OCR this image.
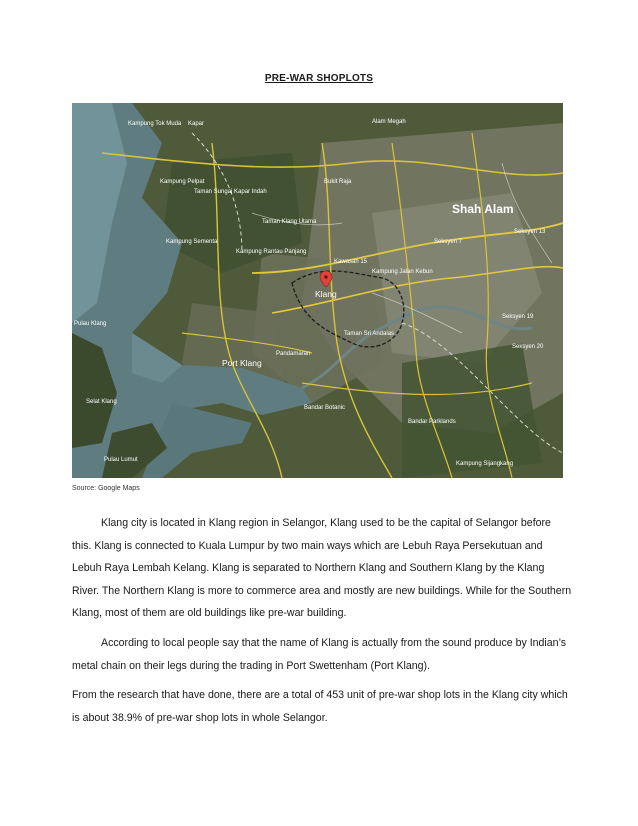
PRE-WAR SHOPLOTS
Shah Alam
Klang
Port Klang
Pulau Klang
Kapar
Kampung Tok Muda
Kampung Pelpat
Kampung Sementa
Taman Sungai Kapar Indah
Kampung Rantau Panjang
Kawasan 15
Taman Sri Andalas
Pandamaran
Bandar Botanic
Bandar Parklands
Kampung Sijangkang
Pulau Lumut
Seksyen 13
Seksyen 7
Seksyen 19
Seksyen 20
Taman Klang Utama
Alam Megah
Bukit Raja
Kampung Jalan Kebun
Selat Klang
Source: Google Maps

Klang city is located in Klang region in Selangor, Klang used to be the capital of Selangor before this. Klang is connected to Kuala Lumpur by two main ways which are Lebuh Raya Persekutuan and Lebuh Raya Lembah Kelang. Klang is separated to Northern Klang and Southern Klang by the Klang River. The Northern Klang is more to commerce area and mostly are new buildings. While for the Southern Klang, most of them are old buildings like pre-war building.

According to local people say that the name of Klang is actually from the sound produce by Indian’s metal chain on their legs during the trading in Port Swettenham (Port Klang).

From the research that have done, there are a total of 453 unit of pre-war shop lots in the Klang city which is about 38.9% of pre-war shop lots in whole Selangor.
